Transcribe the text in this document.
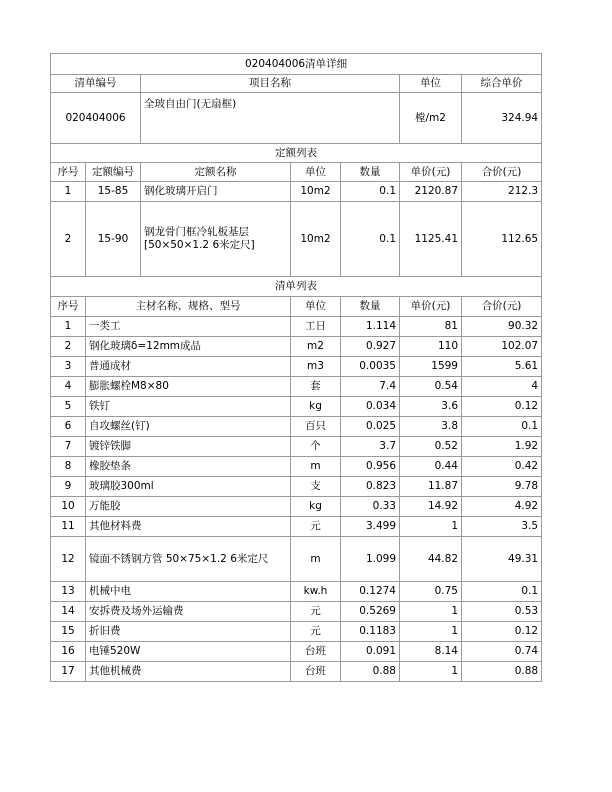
020404006清单详细						
清单编号		项目名称			单位	综合单价
020404006		全玻自由门(无扇框)			樘/m2	324.94
定额列表						
序号	定额编号	定额名称	单位	数量	单价(元)	合价(元)
1	15-85	钢化玻璃开启门	10m2	0.1	2120.87	212.3
2	15-90	钢龙骨门框冷轧板基层
[50×50×1.2 6米定尺]	10m2	0.1	1125.41	112.65
清单列表						
序号	主材名称、规格、型号		单位	数量	单价(元)	合价(元)
1	一类工		工日	1.114	81	90.32
2	钢化玻璃δ=12mm成品		m2	0.927	110	102.07
3	普通成材		m3	0.0035	1599	5.61
4	膨胀螺栓M8×80		套	7.4	0.54	4
5	铁钉		kg	0.034	3.6	0.12
6	自攻螺丝(钉)		百只	0.025	3.8	0.1
7	镀锌铁脚		个	3.7	0.52	1.92
8	橡胶垫条		m	0.956	0.44	0.42
9	玻璃胶300ml		支	0.823	11.87	9.78
10	万能胶		kg	0.33	14.92	4.92
11	其他材料费		元	3.499	1	3.5
12	镜面不锈钢方管 50×75×1.2 6米定尺		m	1.099	44.82	49.31
13	机械中电		kw.h	0.1274	0.75	0.1
14	安拆费及场外运输费		元	0.5269	1	0.53
15	折旧费		元	0.1183	1	0.12
16	电锤520W		台班	0.091	8.14	0.74
17	其他机械费		台班	0.88	1	0.88
